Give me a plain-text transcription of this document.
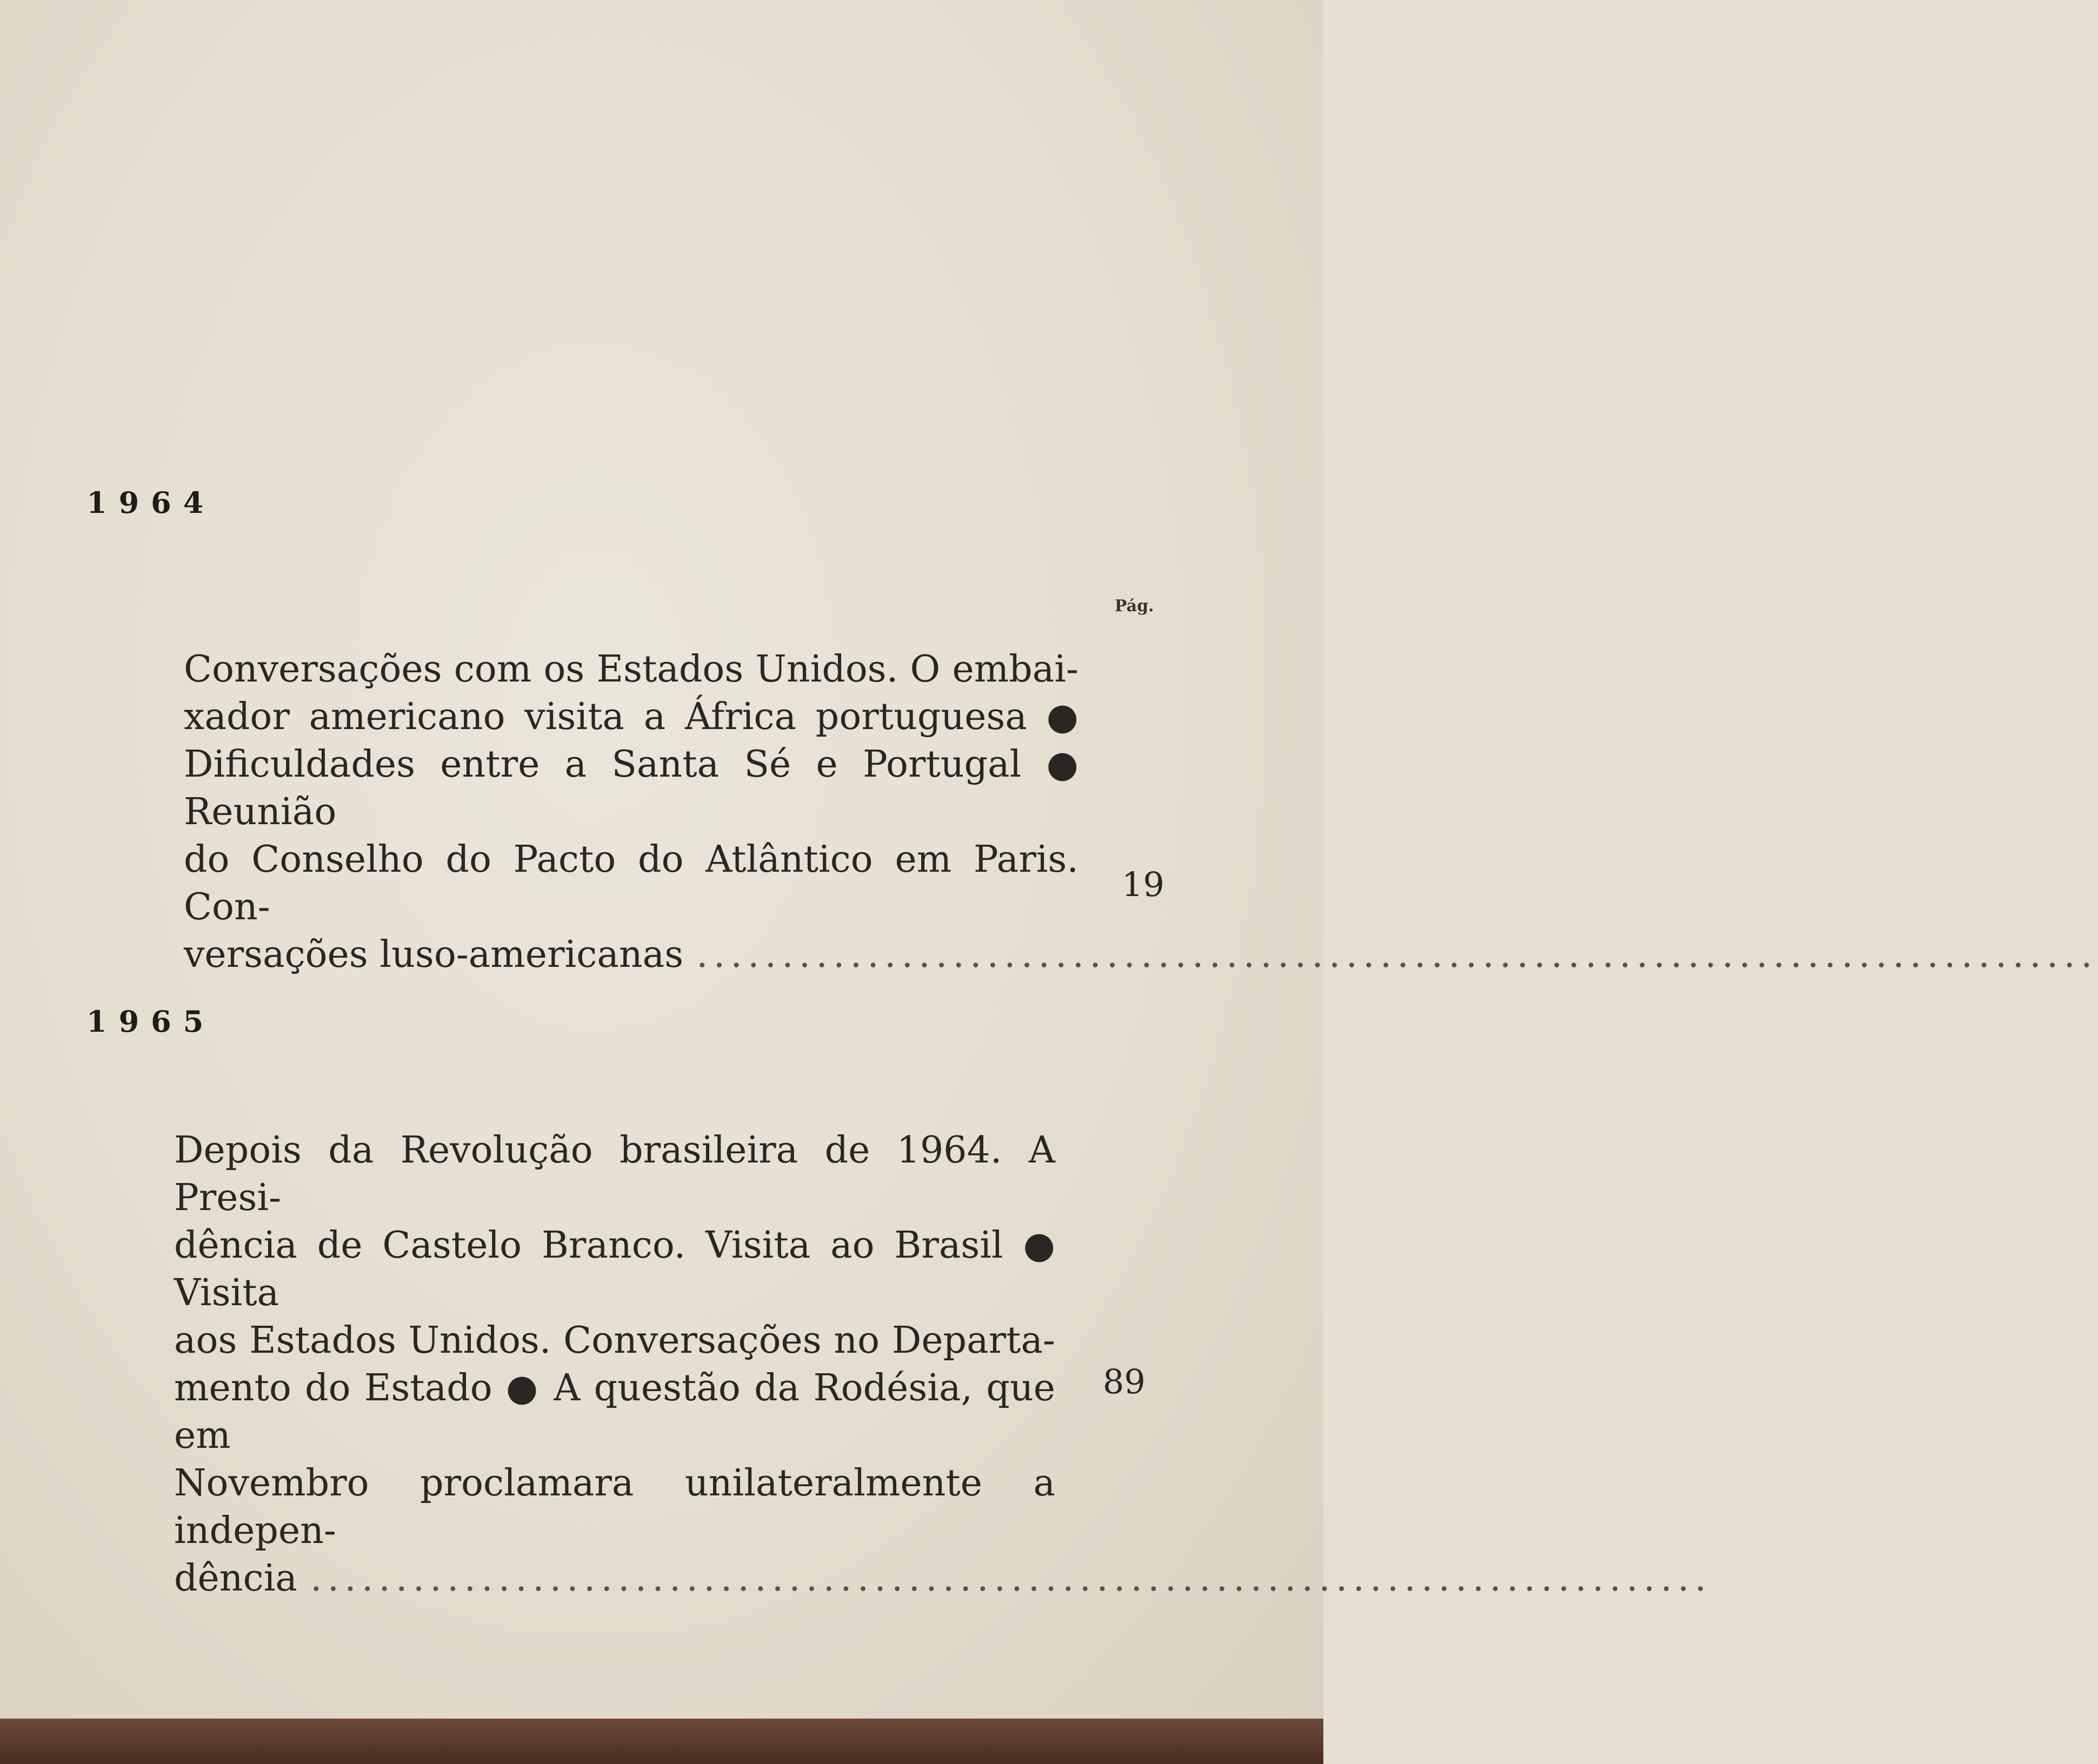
1964
Pág.
Conversações com os Estados Unidos. O embai-
xador americano visita a África portuguesa ●
Dificuldades entre a Santa Sé e Portugal ● Reunião
do Conselho do Pacto do Atlântico em Paris. Con-
versações luso-americanas ..................................................................................
19
1965
Depois da Revolução brasileira de 1964. A Presi-
dência de Castelo Branco. Visita ao Brasil ● Visita
aos Estados Unidos. Conversações no Departa-
mento do Estado ● A questão da Rodésia, que em
Novembro proclamara unilateralmente a indepen-
dência ..................................................................................
89
